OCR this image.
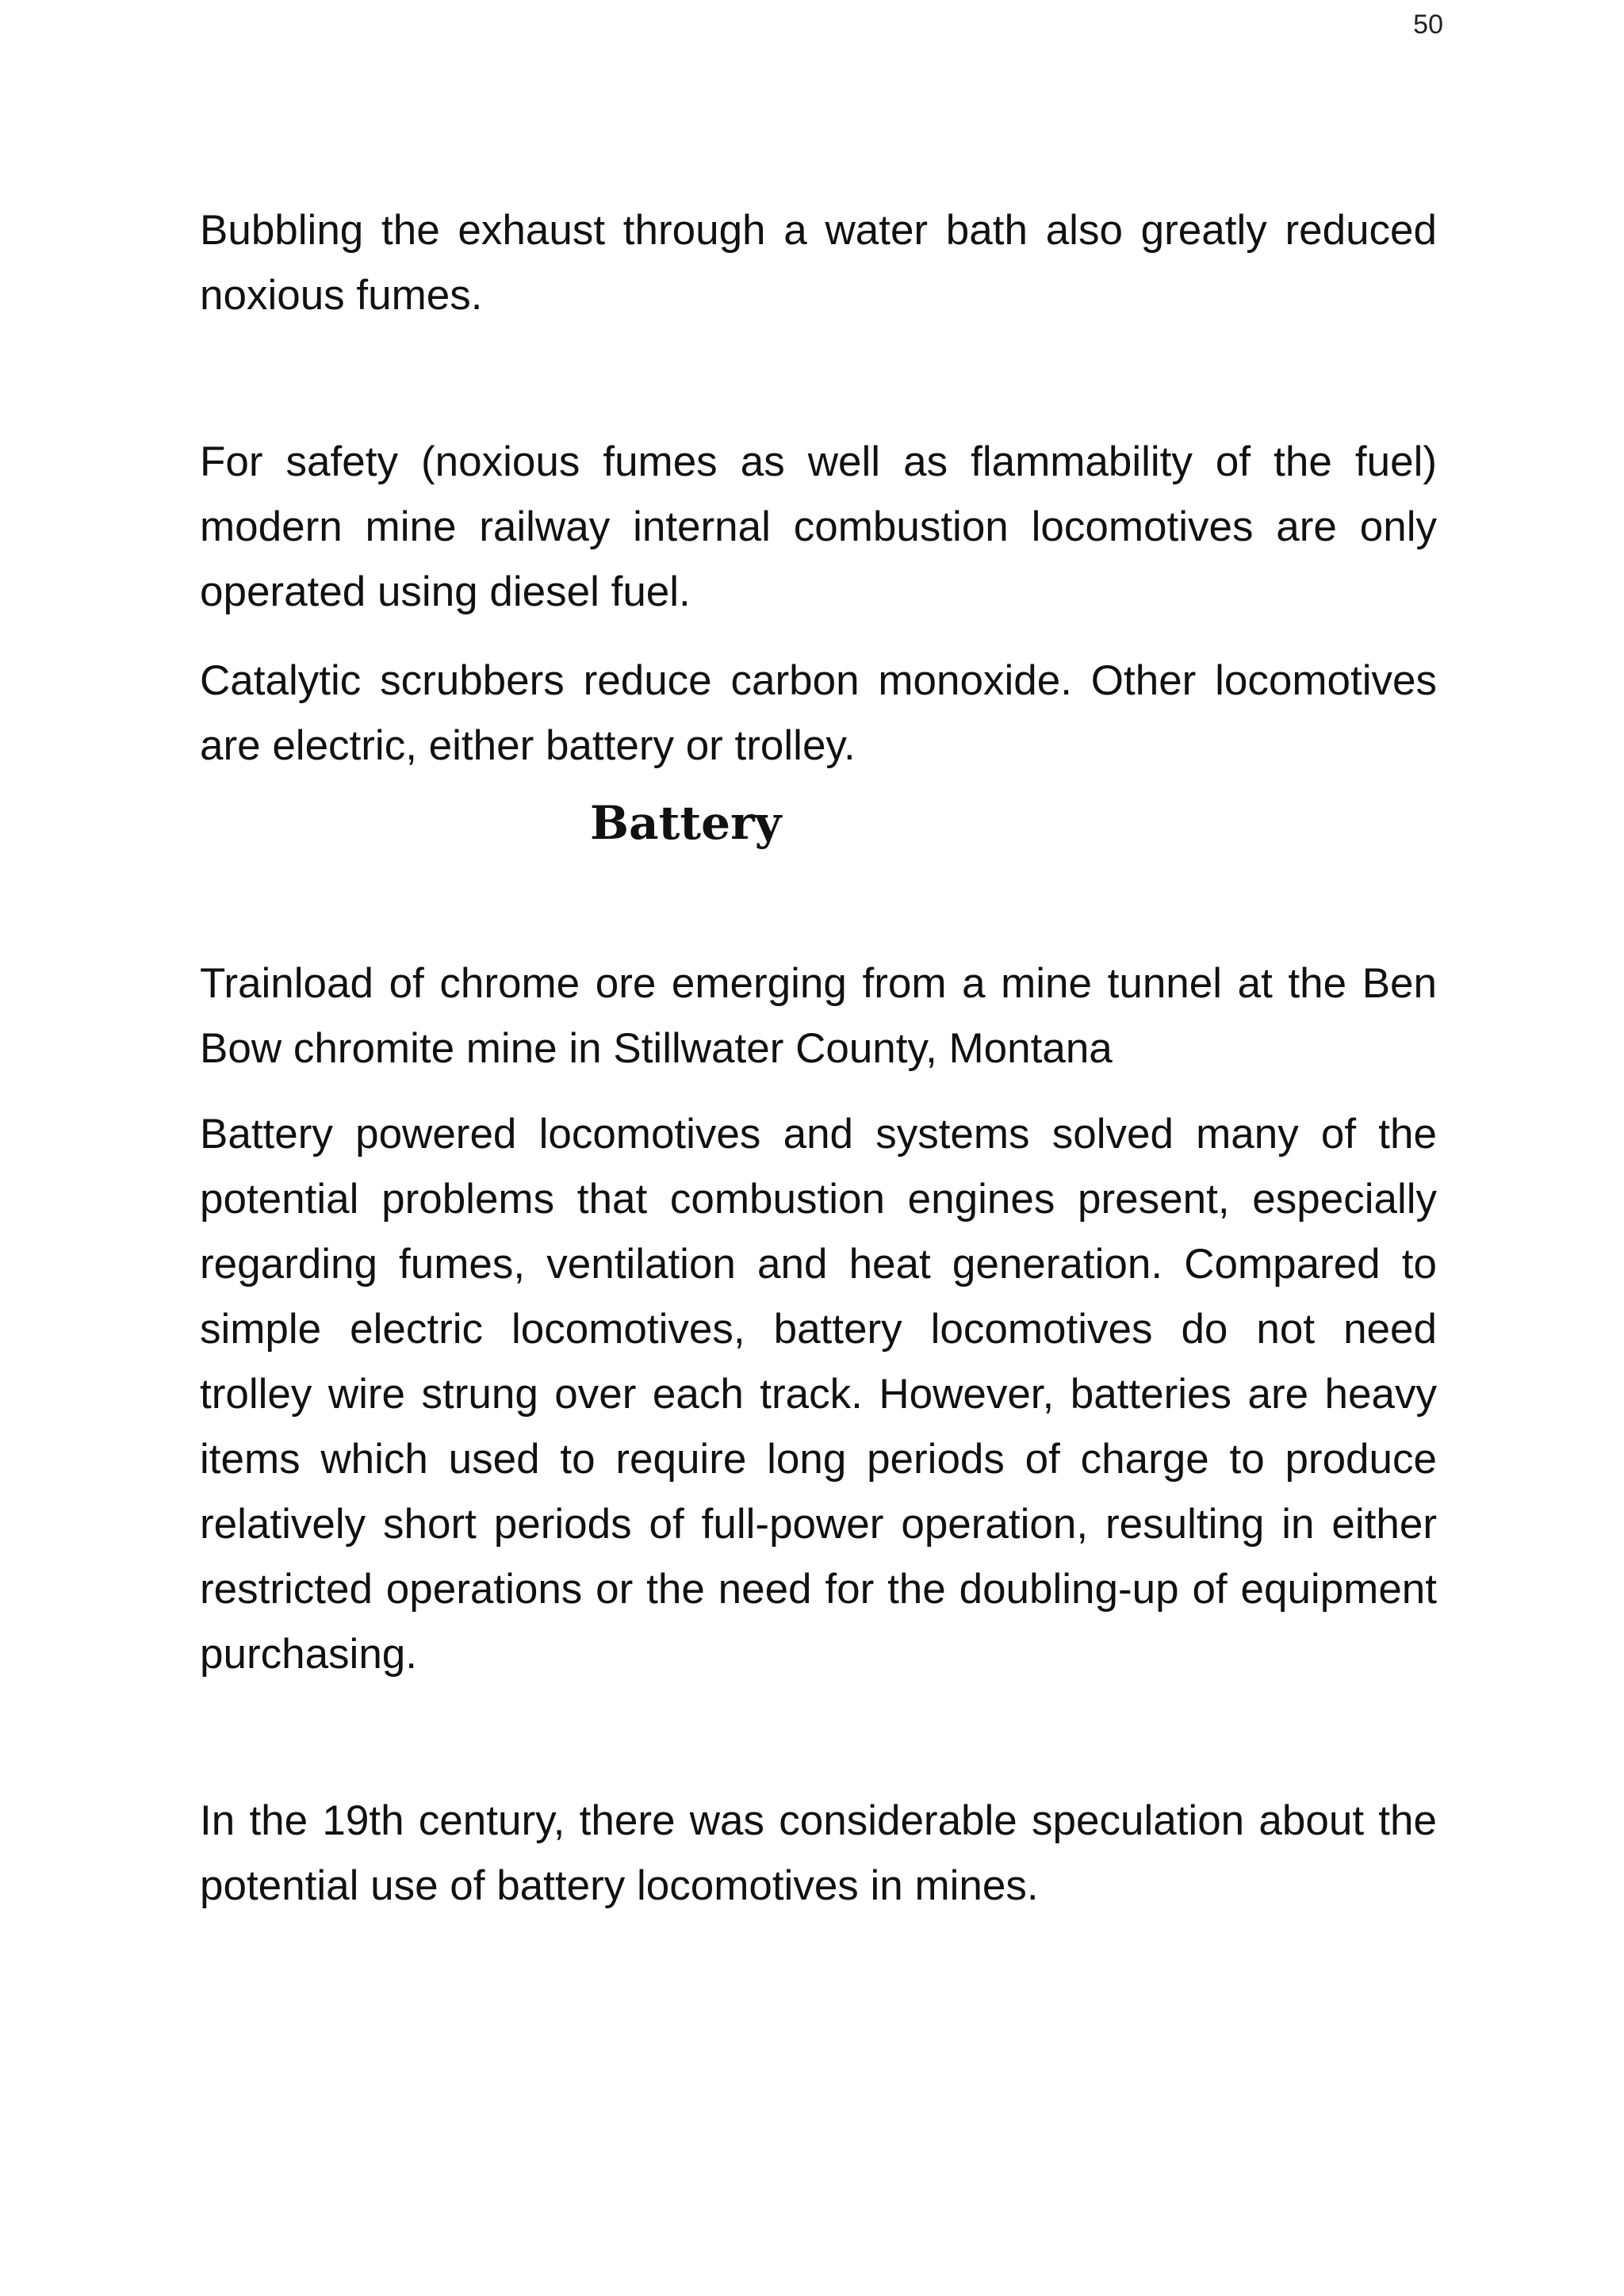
50

Bubbling the exhaust through a water bath also greatly reduced noxious fumes.

For safety (noxious fumes as well as flammability of the fuel) modern mine railway internal combustion locomotives are only operated using diesel fuel.

Catalytic scrubbers reduce carbon monoxide. Other locomotives are electric, either battery or trolley.

Battery

Trainload of chrome ore emerging from a mine tunnel at the Ben Bow chromite mine in Stillwater County, Montana

Battery powered locomotives and systems solved many of the potential problems that combustion engines present, especially regarding fumes, ventilation and heat generation. Compared to simple electric locomotives, battery locomotives do not need trolley wire strung over each track. However, batteries are heavy items which used to require long periods of charge to produce relatively short periods of full-power operation, resulting in either restricted operations or the need for the doubling-up of equipment purchasing.

In the 19th century, there was considerable speculation about the potential use of battery locomotives in mines.
